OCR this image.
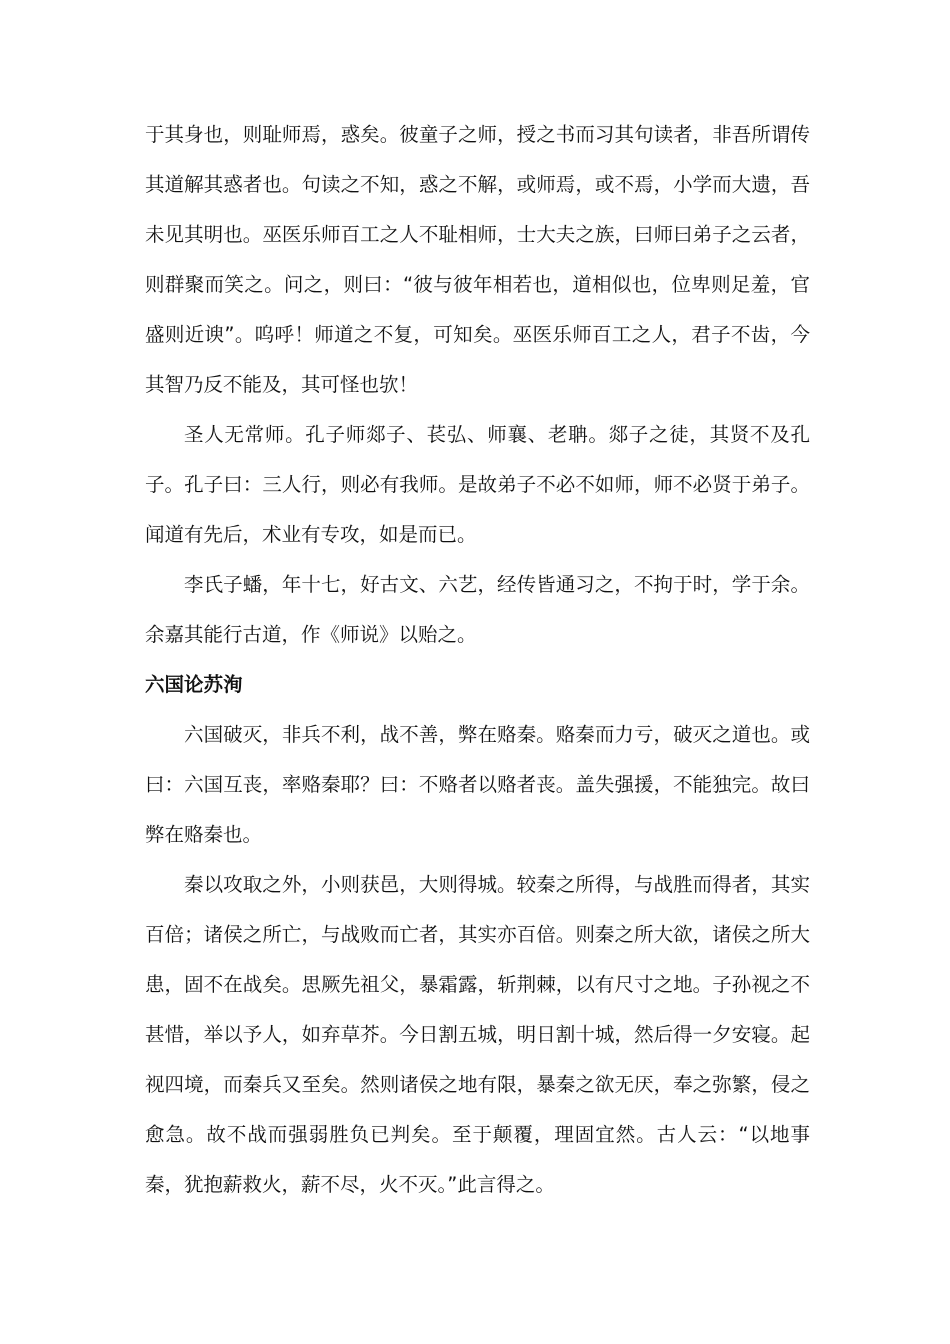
于其身也，则耻师焉，惑矣。彼童子之师，授之书而习其句读者，非吾所谓传其道解其惑者也。句读之不知，惑之不解，或师焉，或不焉，小学而大遗，吾未见其明也。巫医乐师百工之人不耻相师，士大夫之族，曰师曰弟子之云者，则群聚而笑之。问之，则曰：“彼与彼年相若也，道相似也，位卑则足羞，官盛则近谀”。呜呼！师道之不复，可知矣。巫医乐师百工之人，君子不齿，今其智乃反不能及，其可怪也欤！

圣人无常师。孔子师郯子、苌弘、师襄、老聃。郯子之徒，其贤不及孔子。孔子曰：三人行，则必有我师。是故弟子不必不如师，师不必贤于弟子。闻道有先后，术业有专攻，如是而已。

李氏子蟠，年十七，好古文、六艺，经传皆通习之，不拘于时，学于余。余嘉其能行古道，作《师说》以贻之。

六国论苏洵

六国破灭，非兵不利，战不善，弊在赂秦。赂秦而力亏，破灭之道也。或曰：六国互丧，率赂秦耶？曰：不赂者以赂者丧。盖失强援，不能独完。故曰弊在赂秦也。

秦以攻取之外，小则获邑，大则得城。较秦之所得，与战胜而得者，其实百倍；诸侯之所亡，与战败而亡者，其实亦百倍。则秦之所大欲，诸侯之所大患，固不在战矣。思厥先祖父，暴霜露，斩荆棘，以有尺寸之地。子孙视之不甚惜，举以予人，如弃草芥。今日割五城，明日割十城，然后得一夕安寝。起视四境，而秦兵又至矣。然则诸侯之地有限，暴秦之欲无厌，奉之弥繁，侵之愈急。故不战而强弱胜负已判矣。至于颠覆，理固宜然。古人云：“以地事秦，犹抱薪救火，薪不尽，火不灭。”此言得之。
